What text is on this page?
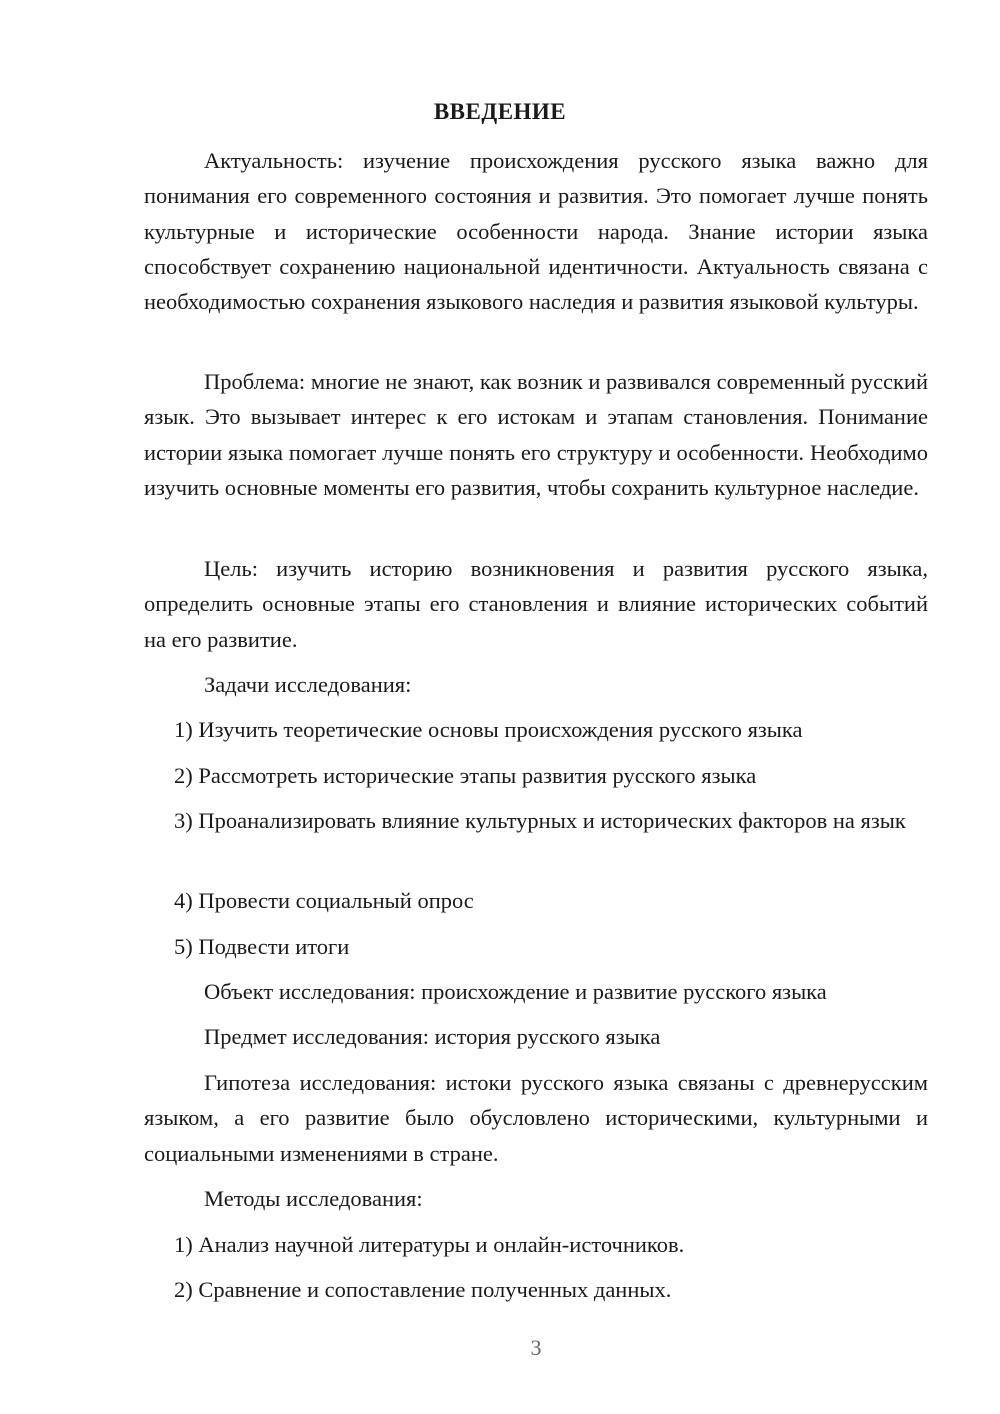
ВВЕДЕНИЕ

Актуальность: изучение происхождения русского языка важно для понимания его современного состояния и развития. Это помогает лучше понять культурные и исторические особенности народа. Знание истории языка способствует сохранению национальной идентичности. Актуальность связана с необходимостью сохранения языкового наследия и развития языковой культуры.

Проблема: многие не знают, как возник и развивался современный русский язык. Это вызывает интерес к его истокам и этапам становления. Понимание истории языка помогает лучше понять его структуру и особенности. Необходимо изучить основные моменты его развития, чтобы сохранить культурное наследие.

Цель: изучить историю возникновения и развития русского языка, определить основные этапы его становления и влияние исторических событий на его развитие.

Задачи исследования:

1) Изучить теоретические основы происхождения русского языка

2) Рассмотреть исторические этапы развития русского языка

3) Проанализировать влияние культурных и исторических факторов на язык

4) Провести социальный опрос

5) Подвести итоги

Объект исследования: происхождение и развитие русского языка

Предмет исследования: история русского языка

Гипотеза исследования: истоки русского языка связаны с древнерусским языком, а его развитие было обусловлено историческими, культурными и социальными изменениями в стране.

Методы исследования:

1) Анализ научной литературы и онлайн-источников.

2) Сравнение и сопоставление полученных данных.

3
